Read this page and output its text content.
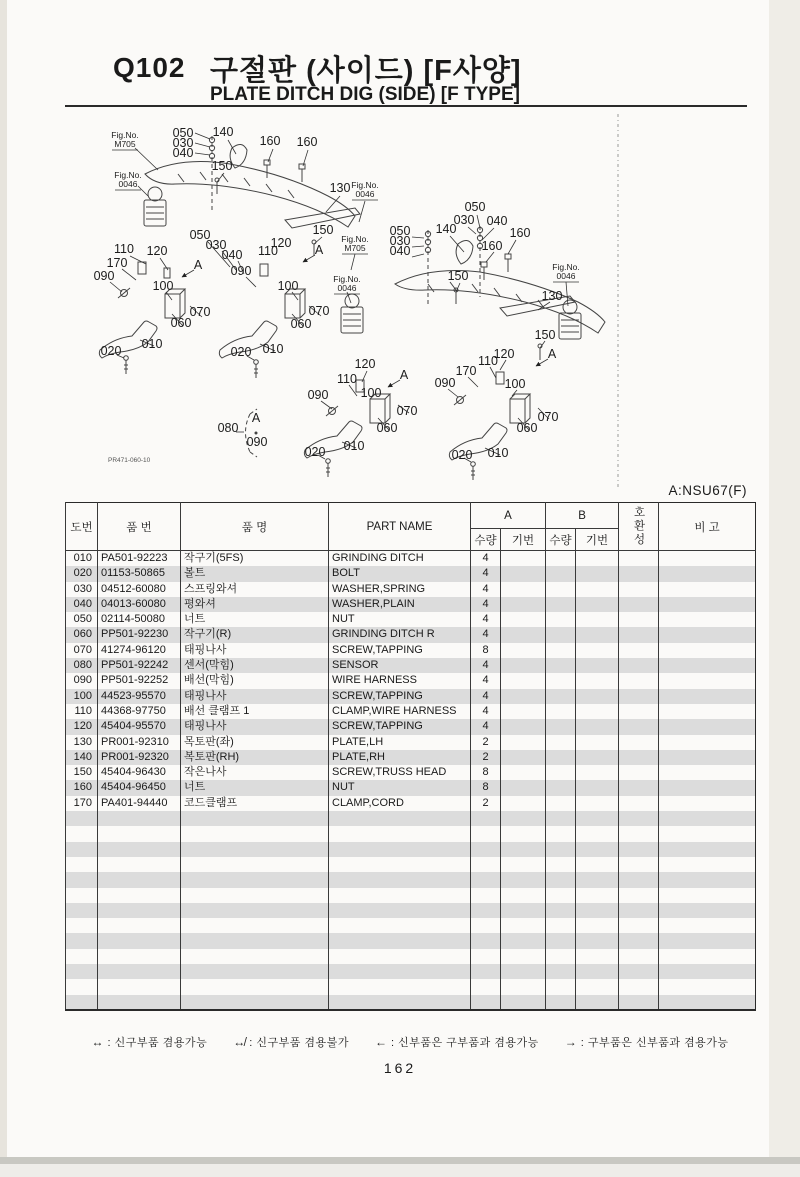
Q102 구절판 (사이드) [F사양]
PLATE DITCH DIG (SIDE) [F TYPE]
050
030
040
140
160 160
150
130
150
110 120
170
090
050
030
040
A 090
110
120 A
100	100
070	070
060	060
010	010
020	020
050
030
040
140
050
030 040
160
160
150
130
150
120
110
090	100
A
070
060
010
020
120
110
170
090	100
A
070
060
010
020
080
A
090
Fig.No.
M705
Fig.No.
0046	Fig.No.
0046
Fig.No.
M705
Fig.No.
0046
Fig.No.
0046
PR471-060-10
A:NSU67(F)
도번	품 번	품 명	PART NAME	A		B		호환성	비 고
				수량	기번	수량	기번		
010	PA501-92223	작구기(5FS)	GRINDING DITCH	4					
020	01153-50865	볼트	BOLT	4					
030	04512-60080	스프링와셔	WASHER,SPRING	4					
040	04013-60080	평와셔	WASHER,PLAIN	4					
050	02114-50080	너트	NUT	4					
060	PP501-92230	작구기(R)	GRINDING DITCH R	4					
070	41274-96120	태핑나사	SCREW,TAPPING	8					
080	PP501-92242	센서(막힘)	SENSOR	4					
090	PP501-92252	배선(막힘)	WIRE HARNESS	4					
100	44523-95570	태핑나사	SCREW,TAPPING	4					
110	44368-97750	배선 클램프 1	CLAMP,WIRE HARNESS	4					
120	45404-95570	태핑나사	SCREW,TAPPING	4					
130	PR001-92310	목토판(좌)	PLATE,LH	2					
140	PR001-92320	복토판(RH)	PLATE,RH	2					
150	45404-96430	작은나사	SCREW,TRUSS HEAD	8					
160	45404-96450	너트	NUT	8					
170	PA401-94440	코드클램프	CLAMP,CORD	2					

↔ : 신구부품 겸용가능 ↮ : 신구부품 겸용불가 ← : 신부품은 구부품과 겸용가능 → : 구부품은 신부품과 겸용가능
162
